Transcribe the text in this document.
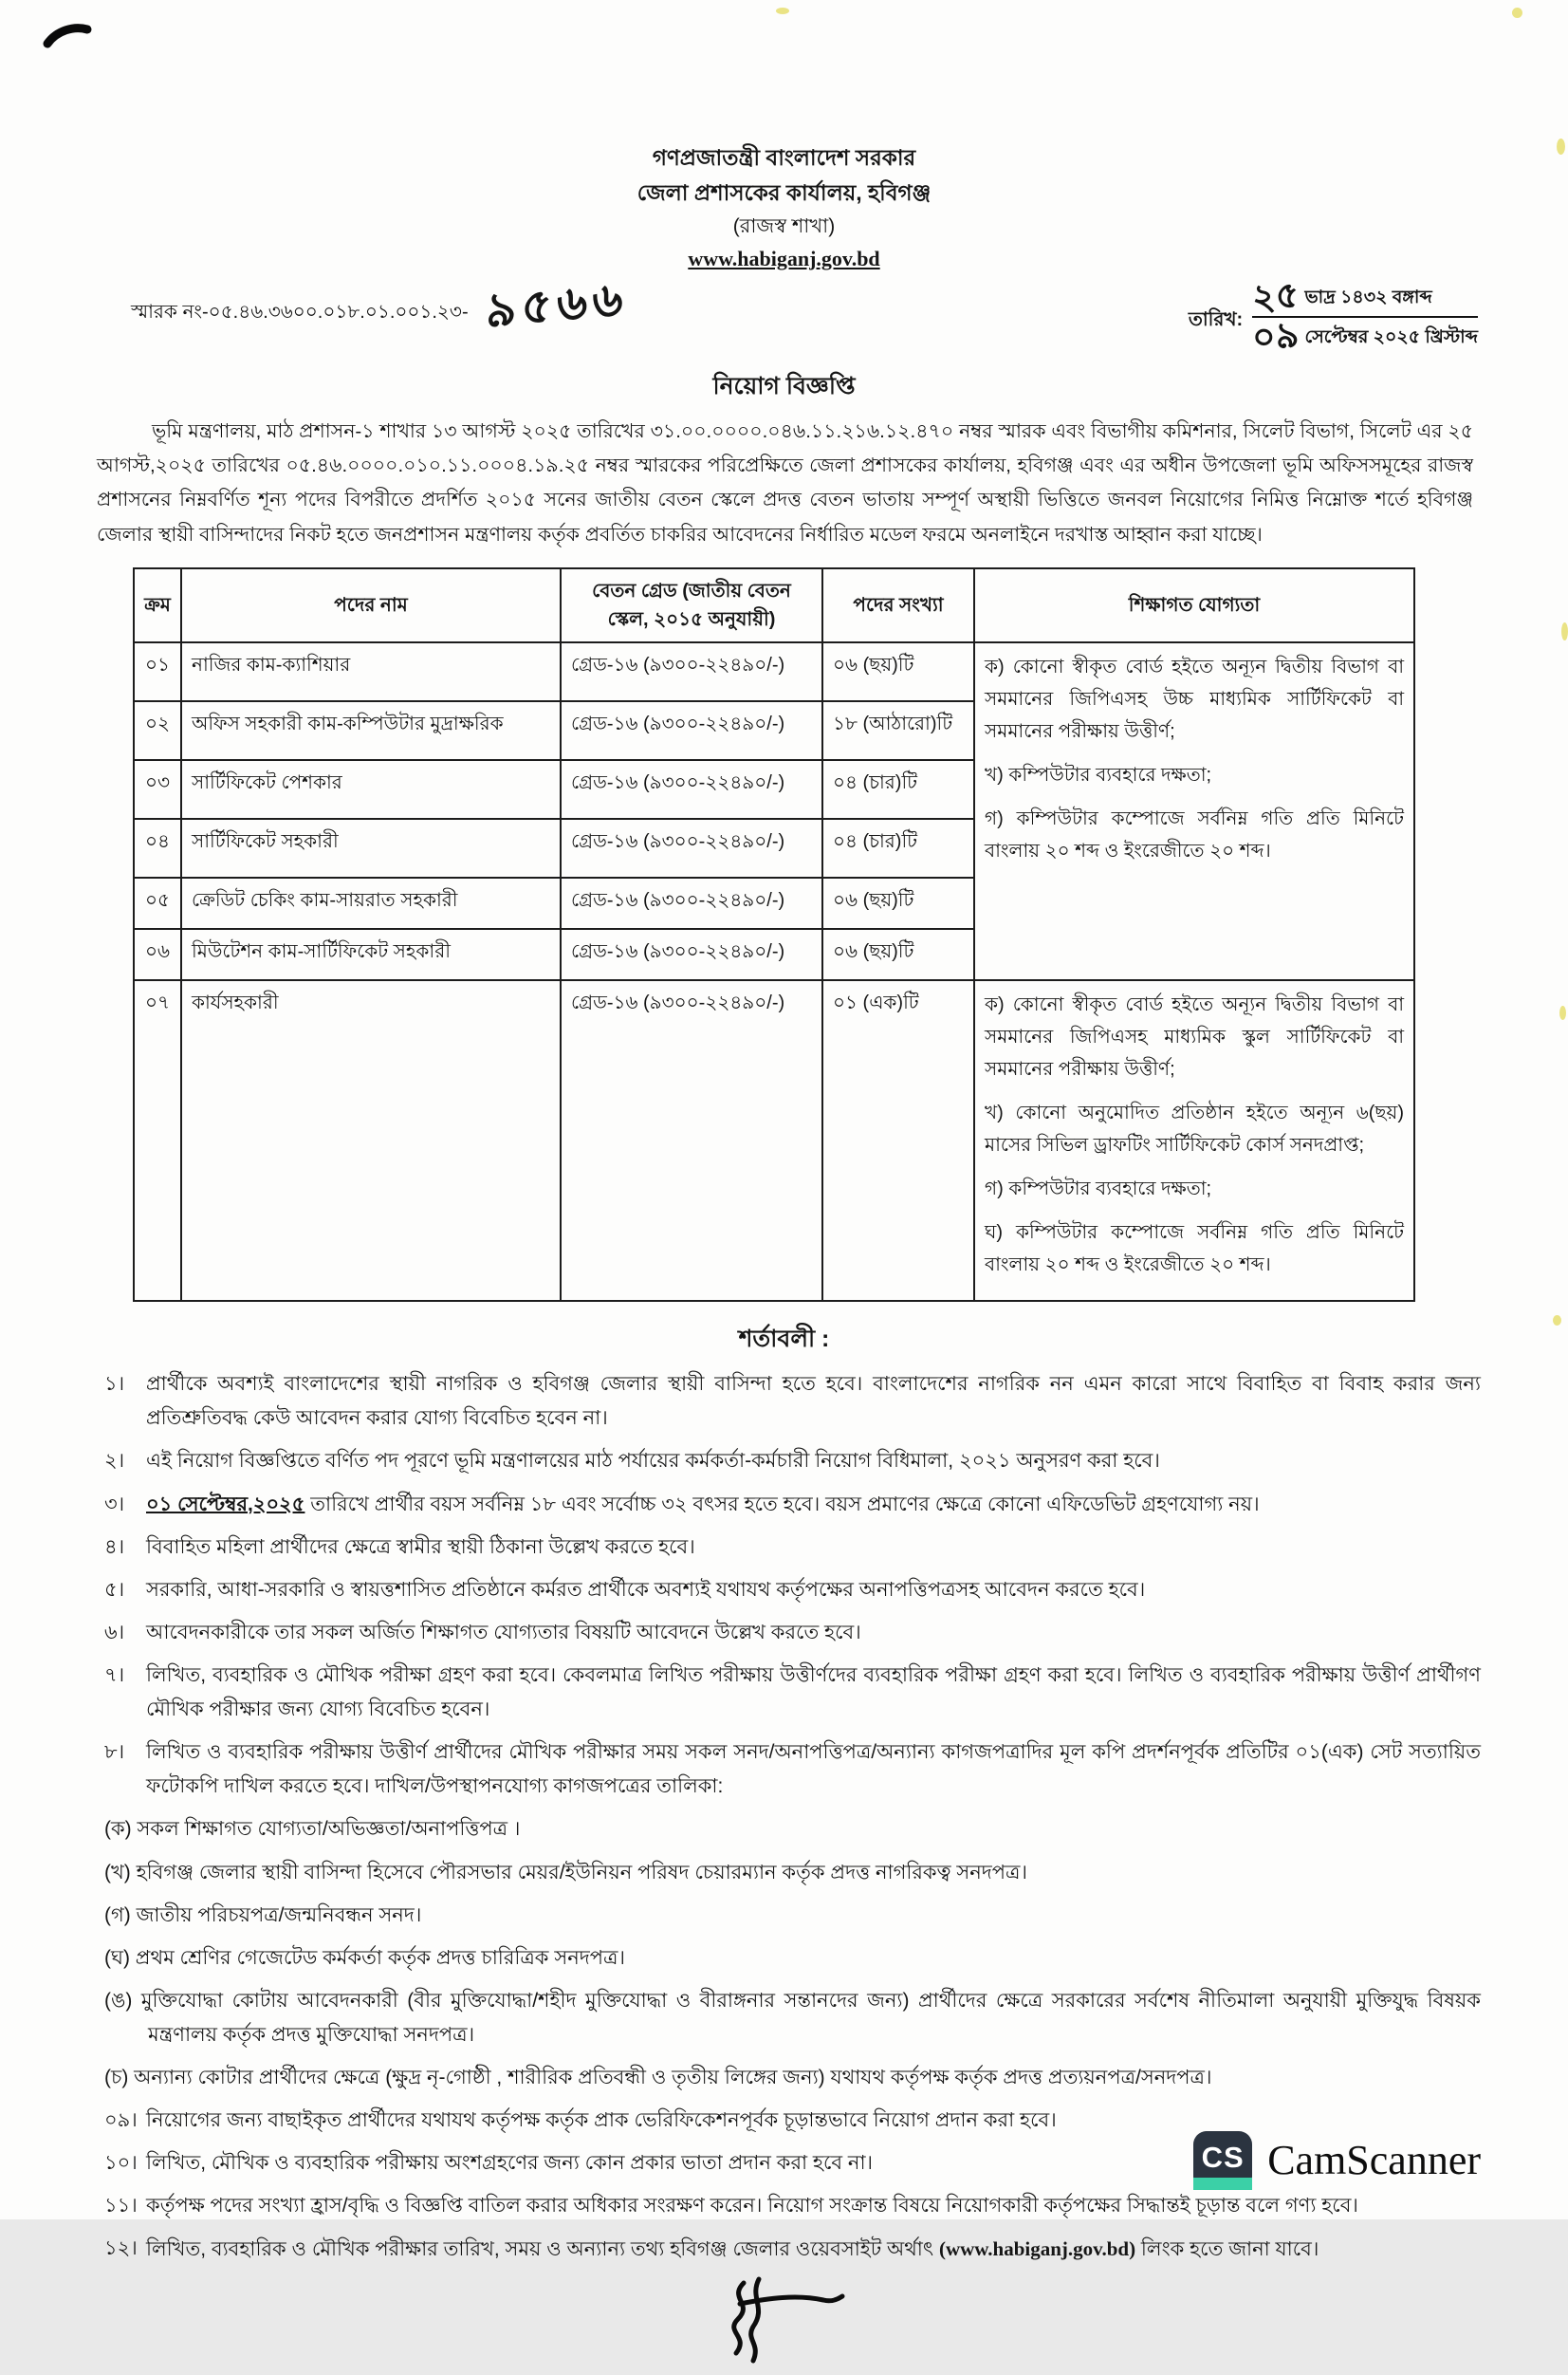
গণপ্রজাতন্ত্রী বাংলাদেশ সরকার
জেলা প্রশাসকের কার্যালয়, হবিগঞ্জ
(রাজস্ব শাখা)
www.habiganj.gov.bd
স্মারক নং-০৫.৪৬.৩৬০০.০১৮.০১.০০১.২৩- ৯৫৬৬	তারিখ:
২৫ ভাদ্র ১৪৩২ বঙ্গাব্দ
০৯ সেপ্টেম্বর ২০২৫ খ্রিস্টাব্দ
নিয়োগ বিজ্ঞপ্তি
ভূমি মন্ত্রণালয়, মাঠ প্রশাসন-১ শাখার ১৩ আগস্ট ২০২৫ তারিখের ৩১.০০.০০০০.০৪৬.১১.২১৬.১২.৪৭০ নম্বর স্মারক এবং বিভাগীয় কমিশনার, সিলেট বিভাগ, সিলেট এর ২৫ আগস্ট,২০২৫ তারিখের ০৫.৪৬.০০০০.০১০.১১.০০০৪.১৯.২৫ নম্বর স্মারকের পরিপ্রেক্ষিতে জেলা প্রশাসকের কার্যালয়, হবিগঞ্জ এবং এর অধীন উপজেলা ভূমি অফিসসমূহের রাজস্ব প্রশাসনের নিম্নবর্ণিত শূন্য পদের বিপরীতে প্রদর্শিত ২০১৫ সনের জাতীয় বেতন স্কেলে প্রদত্ত বেতন ভাতায় সম্পূর্ণ অস্থায়ী ভিত্তিতে জনবল নিয়োগের নিমিত্ত নিম্নোক্ত শর্তে হবিগঞ্জ জেলার স্থায়ী বাসিন্দাদের নিকট হতে জনপ্রশাসন মন্ত্রণালয় কর্তৃক প্রবর্তিত চাকরির আবেদনের নির্ধারিত মডেল ফরমে অনলাইনে দরখাস্ত আহ্বান করা যাচ্ছে।
ক্রম	পদের নাম	বেতন গ্রেড (জাতীয় বেতন
স্কেল, ২০১৫ অনুযায়ী)	পদের সংখ্যা	শিক্ষাগত যোগ্যতা
০১	নাজির কাম-ক্যাশিয়ার	গ্রেড-১৬ (৯৩০০-২২৪৯০/-)	০৬ (ছয়)টি	ক) কোনো স্বীকৃত বোর্ড হইতে অন্যূন দ্বিতীয় বিভাগ বা সমমানের জিপিএসহ উচ্চ মাধ্যমিক সার্টিফিকেট বা সমমানের পরীক্ষায় উত্তীর্ণ;

খ) কম্পিউটার ব্যবহারে দক্ষতা;

গ) কম্পিউটার কম্পোজে সর্বনিম্ন গতি প্রতি মিনিটে বাংলায় ২০ শব্দ ও ইংরেজীতে ২০ শব্দ।

০২	অফিস সহকারী কাম-কম্পিউটার মুদ্রাক্ষরিক	গ্রেড-১৬ (৯৩০০-২২৪৯০/-)	১৮ (আঠারো)টি	
০৩	সার্টিফিকেট পেশকার	গ্রেড-১৬ (৯৩০০-২২৪৯০/-)	০৪ (চার)টি	
০৪	সার্টিফিকেট সহকারী	গ্রেড-১৬ (৯৩০০-২২৪৯০/-)	০৪ (চার)টি	
০৫	ক্রেডিট চেকিং কাম-সায়রাত সহকারী	গ্রেড-১৬ (৯৩০০-২২৪৯০/-)	০৬ (ছয়)টি	
০৬	মিউটেশন কাম-সার্টিফিকেট সহকারী	গ্রেড-১৬ (৯৩০০-২২৪৯০/-)	০৬ (ছয়)টি	
০৭	কার্যসহকারী	গ্রেড-১৬ (৯৩০০-২২৪৯০/-)	০১ (এক)টি	ক) কোনো স্বীকৃত বোর্ড হইতে অন্যূন দ্বিতীয় বিভাগ বা সমমানের জিপিএসহ মাধ্যমিক স্কুল সার্টিফিকেট বা সমমানের পরীক্ষায় উত্তীর্ণ;

খ) কোনো অনুমোদিত প্রতিষ্ঠান হইতে অন্যূন ৬(ছয়) মাসের সিভিল ড্রাফটিং সার্টিফিকেট কোর্স সনদপ্রাপ্ত;

গ) কম্পিউটার ব্যবহারে দক্ষতা;

ঘ) কম্পিউটার কম্পোজে সর্বনিম্ন গতি প্রতি মিনিটে বাংলায় ২০ শব্দ ও ইংরেজীতে ২০ শব্দ।

শর্তাবলী :
১।	প্রার্থীকে অবশ্যই বাংলাদেশের স্থায়ী নাগরিক ও হবিগঞ্জ জেলার স্থায়ী বাসিন্দা হতে হবে। বাংলাদেশের নাগরিক নন এমন কারো সাথে বিবাহিত বা বিবাহ করার জন্য প্রতিশ্রুতিবদ্ধ কেউ আবেদন করার যোগ্য বিবেচিত হবেন না।
২।	এই নিয়োগ বিজ্ঞপ্তিতে বর্ণিত পদ পূরণে ভূমি মন্ত্রণালয়ের মাঠ পর্যায়ের কর্মকর্তা-কর্মচারী নিয়োগ বিধিমালা, ২০২১ অনুসরণ করা হবে।
৩।	০১ সেপ্টেম্বর,২০২৫ তারিখে প্রার্থীর বয়স সর্বনিম্ন ১৮ এবং সর্বোচ্চ ৩২ বৎসর হতে হবে। বয়স প্রমাণের ক্ষেত্রে কোনো এফিডেভিট গ্রহণযোগ্য নয়।
৪।	বিবাহিত মহিলা প্রার্থীদের ক্ষেত্রে স্বামীর স্থায়ী ঠিকানা উল্লেখ করতে হবে।
৫।	সরকারি, আধা-সরকারি ও স্বায়ত্তশাসিত প্রতিষ্ঠানে কর্মরত প্রার্থীকে অবশ্যই যথাযথ কর্তৃপক্ষের অনাপত্তিপত্রসহ আবেদন করতে হবে।
৬।	আবেদনকারীকে তার সকল অর্জিত শিক্ষাগত যোগ্যতার বিষয়টি আবেদনে উল্লেখ করতে হবে।
৭।	লিখিত, ব্যবহারিক ও মৌখিক পরীক্ষা গ্রহণ করা হবে। কেবলমাত্র লিখিত পরীক্ষায় উত্তীর্ণদের ব্যবহারিক পরীক্ষা গ্রহণ করা হবে। লিখিত ও ব্যবহারিক পরীক্ষায় উত্তীর্ণ প্রার্থীগণ মৌখিক পরীক্ষার জন্য যোগ্য বিবেচিত হবেন।
৮।	লিখিত ও ব্যবহারিক পরীক্ষায় উত্তীর্ণ প্রার্থীদের মৌখিক পরীক্ষার সময় সকল সনদ/অনাপত্তিপত্র/অন্যান্য কাগজপত্রাদির মূল কপি প্রদর্শনপূর্বক প্রতিটির ০১(এক) সেট সত্যায়িত ফটোকপি দাখিল করতে হবে। দাখিল/উপস্থাপনযোগ্য কাগজপত্রের তালিকা:
(ক) সকল শিক্ষাগত যোগ্যতা/অভিজ্ঞতা/অনাপত্তিপত্র ।
(খ) হবিগঞ্জ জেলার স্থায়ী বাসিন্দা হিসেবে পৌরসভার মেয়র/ইউনিয়ন পরিষদ চেয়ারম্যান কর্তৃক প্রদত্ত নাগরিকত্ব সনদপত্র।
(গ) জাতীয় পরিচয়পত্র/জন্মনিবন্ধন সনদ।
(ঘ) প্রথম শ্রেণির গেজেটেড কর্মকর্তা কর্তৃক প্রদত্ত চারিত্রিক সনদপত্র।
(ঙ) মুক্তিযোদ্ধা কোটায় আবেদনকারী (বীর মুক্তিযোদ্ধা/শহীদ মুক্তিযোদ্ধা ও বীরাঙ্গনার সন্তানদের জন্য) প্রার্থীদের ক্ষেত্রে সরকারের সর্বশেষ নীতিমালা অনুযায়ী মুক্তিযুদ্ধ বিষয়ক মন্ত্রণালয় কর্তৃক প্রদত্ত মুক্তিযোদ্ধা সনদপত্র।
(চ) অন্যান্য কোটার প্রার্থীদের ক্ষেত্রে (ক্ষুদ্র নৃ-গোষ্ঠী , শারীরিক প্রতিবন্ধী ও তৃতীয় লিঙ্গের জন্য) যথাযথ কর্তৃপক্ষ কর্তৃক প্রদত্ত প্রত্যয়নপত্র/সনদপত্র।
০৯। নিয়োগের জন্য বাছাইকৃত প্রার্থীদের যথাযথ কর্তৃপক্ষ কর্তৃক প্রাক ভেরিফিকেশনপূর্বক চূড়ান্তভাবে নিয়োগ প্রদান করা হবে।
১০। লিখিত, মৌখিক ও ব্যবহারিক পরীক্ষায় অংশগ্রহণের জন্য কোন প্রকার ভাতা প্রদান করা হবে না।
১১। কর্তৃপক্ষ পদের সংখ্যা হ্রাস/বৃদ্ধি ও বিজ্ঞপ্তি বাতিল করার অধিকার সংরক্ষণ করেন। নিয়োগ সংক্রান্ত বিষয়ে নিয়োগকারী কর্তৃপক্ষের সিদ্ধান্তই চূড়ান্ত বলে গণ্য হবে।
১২। লিখিত, ব্যবহারিক ও মৌখিক পরীক্ষার তারিখ, সময় ও অন্যান্য তথ্য হবিগঞ্জ জেলার ওয়েবসাইট অর্থাৎ (www.habiganj.gov.bd) লিংক হতে জানা যাবে।
CS CamScanner
